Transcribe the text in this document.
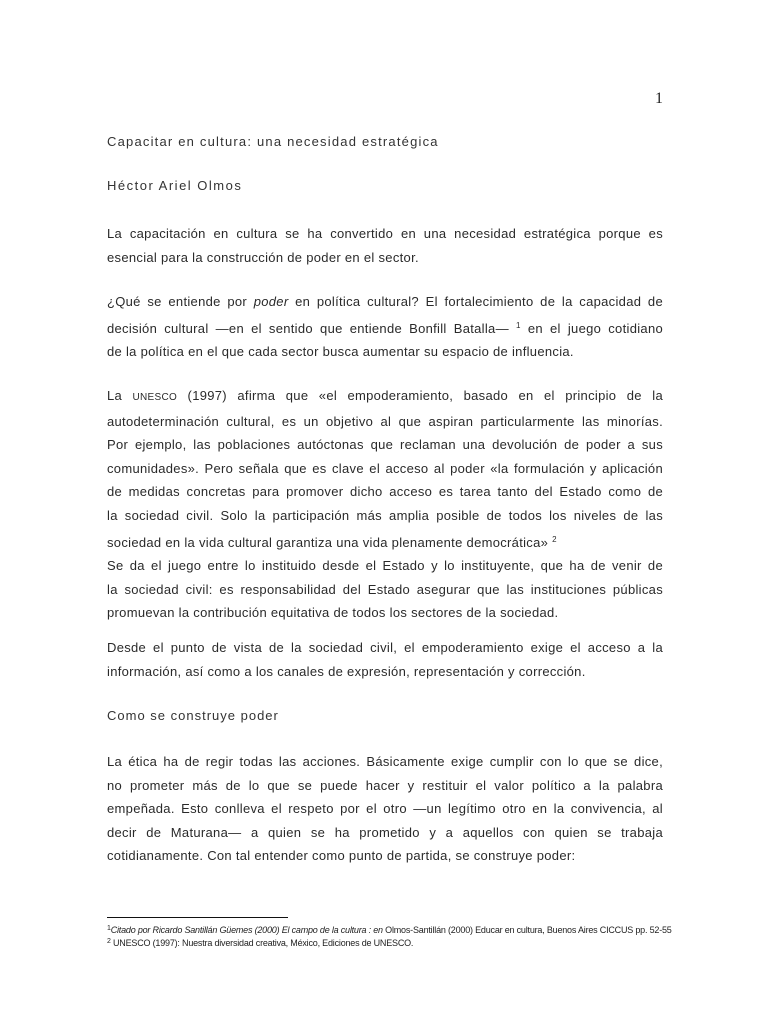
1
Capacitar en cultura: una necesidad estratégica
Héctor Ariel Olmos
La capacitación en cultura se ha convertido en una necesidad estratégica porque es
esencial para la construcción de poder en el sector.
¿Qué se entiende por poder en política cultural? El fortalecimiento de la capacidad de
decisión cultural —en el sentido que entiende Bonfill Batalla— $^1$ en el juego cotidiano
de la política en el que cada sector busca aumentar su espacio de influencia.
La UNESCO (1997) afirma que «el empoderamiento, basado en el principio de la
autodeterminación cultural, es un objetivo al que aspiran particularmente las minorías.
Por ejemplo, las poblaciones autóctonas que reclaman una devolución de poder a sus
comunidades». Pero señala que es clave el acceso al poder «la formulación y aplicación
de medidas concretas para promover dicho acceso es tarea tanto del Estado como de
la sociedad civil. Solo la participación más amplia posible de todos los niveles de las
sociedad en la vida cultural garantiza una vida plenamente democrática» $^2$
Se da el juego entre lo instituido desde el Estado y lo instituyente, que ha de venir de
la sociedad civil: es responsabilidad del Estado asegurar que las instituciones públicas
promuevan la contribución equitativa de todos los sectores de la sociedad.
Desde el punto de vista de la sociedad civil, el empoderamiento exige el acceso a la
información, así como a los canales de expresión, representación y corrección.
Como se construye poder
La ética ha de regir todas las acciones. Básicamente exige cumplir con lo que se dice,
no prometer más de lo que se puede hacer y restituir el valor político a la palabra
empeñada. Esto conlleva el respeto por el otro —un legítimo otro en la convivencia, al
decir de Maturana— a quien se ha prometido y a aquellos con quien se trabaja
cotidianamente. Con tal entender como punto de partida, se construye poder:
$^1$Citado por Ricardo Santillán Güemes (2000) El campo de la cultura : en Olmos-Santillán (2000) Educar en cultura, Buenos Aires CICCUS pp. 52-55
$^2$ UNESCO (1997): Nuestra diversidad creativa, México, Ediciones de UNESCO.
